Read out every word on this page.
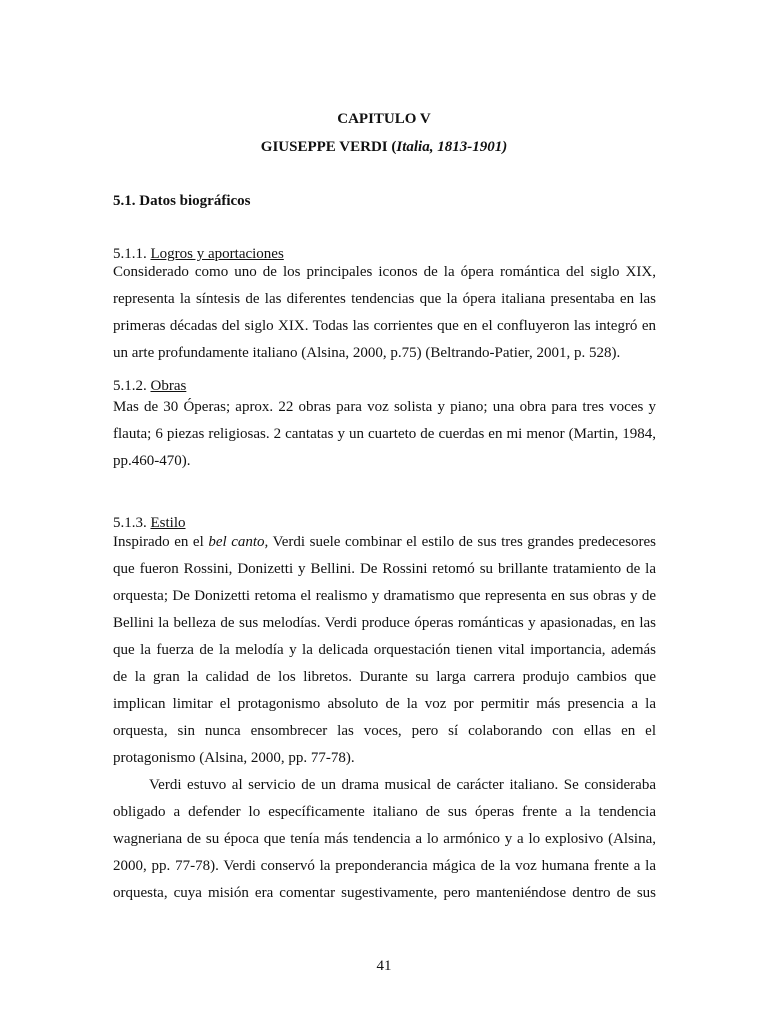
CAPITULO V
GIUSEPPE VERDI (Italia, 1813-1901)
5.1. Datos biográficos
5.1.1. Logros y aportaciones
Considerado como uno de los principales iconos de la ópera romántica del siglo XIX,
representa la síntesis de las diferentes tendencias que la ópera italiana presentaba en las
primeras décadas del siglo XIX. Todas las corrientes que en el confluyeron las integró en
un arte profundamente italiano (Alsina, 2000, p.75) (Beltrando-Patier, 2001, p. 528).
5.1.2. Obras
Mas de 30 Óperas; aprox. 22 obras para voz solista y piano; una obra para tres voces y
flauta; 6 piezas religiosas. 2 cantatas y un cuarteto de cuerdas en mi menor (Martin, 1984,
pp.460-470).
5.1.3. Estilo
Inspirado en el bel canto, Verdi suele combinar el estilo de sus tres grandes predecesores
que fueron Rossini, Donizetti y Bellini. De Rossini retomó su brillante tratamiento de la
orquesta; De Donizetti retoma el realismo y dramatismo que representa en sus obras y de
Bellini la belleza de sus melodías. Verdi produce óperas románticas y apasionadas, en las
que la fuerza de la melodía y la delicada orquestación tienen vital importancia, además
de la gran la calidad de los libretos. Durante su larga carrera produjo cambios que
implican limitar el protagonismo absoluto de la voz por permitir más presencia a la
orquesta, sin nunca ensombrecer las voces, pero sí colaborando con ellas en el
protagonismo (Alsina, 2000, pp. 77-78).
Verdi estuvo al servicio de un drama musical de carácter italiano. Se consideraba
obligado a defender lo específicamente italiano de sus óperas frente a la tendencia
wagneriana de su época que tenía más tendencia a lo armónico y a lo explosivo (Alsina,
2000, pp. 77-78). Verdi conservó la preponderancia mágica de la voz humana frente a la
orquesta, cuya misión era comentar sugestivamente, pero manteniéndose dentro de sus
41
